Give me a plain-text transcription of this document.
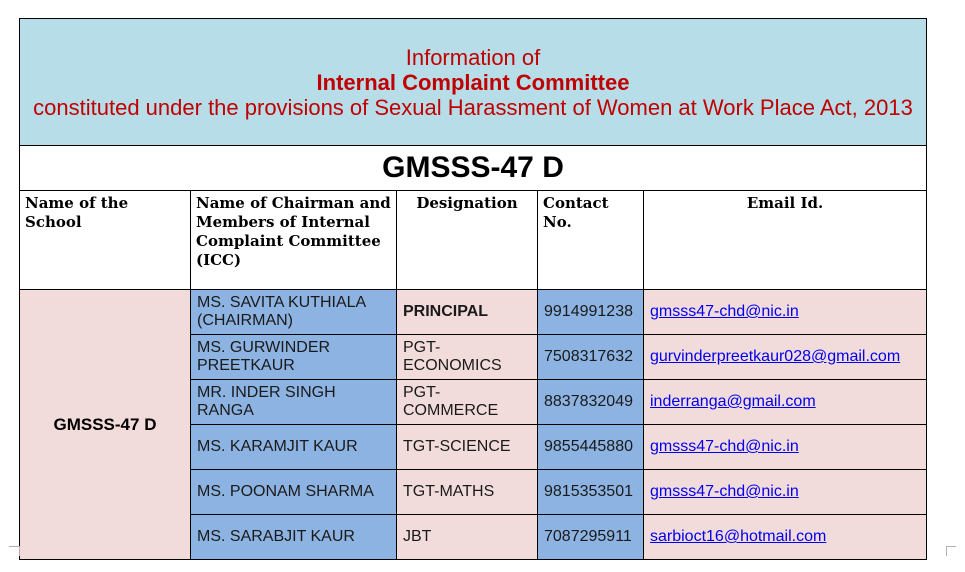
Information of
Internal Complaint Committee
constituted under the provisions of Sexual Harassment of Women at Work Place Act, 2013				

GMSSS-47 D				
Name of the School	Name of Chairman and Members of Internal Complaint Committee (ICC)	Designation	Contact No.	Email Id.
GMSSS-47 D	MS. SAVITA KUTHIALA (CHAIRMAN)	PRINCIPAL	9914991238	gmsss47-chd@nic.in
	MS. GURWINDER PREETKAUR	PGT-ECONOMICS	7508317632	gurvinderpreetkaur028@gmail.com
	MR. INDER SINGH RANGA	PGT-COMMERCE	8837832049	inderranga@gmail.com
	MS. KARAMJIT KAUR	TGT-SCIENCE	9855445880	gmsss47-chd@nic.in
	MS. POONAM SHARMA	TGT-MATHS	9815353501	gmsss47-chd@nic.in
	MS. SARABJIT KAUR	JBT	7087295911	sarbioct16@hotmail.com
